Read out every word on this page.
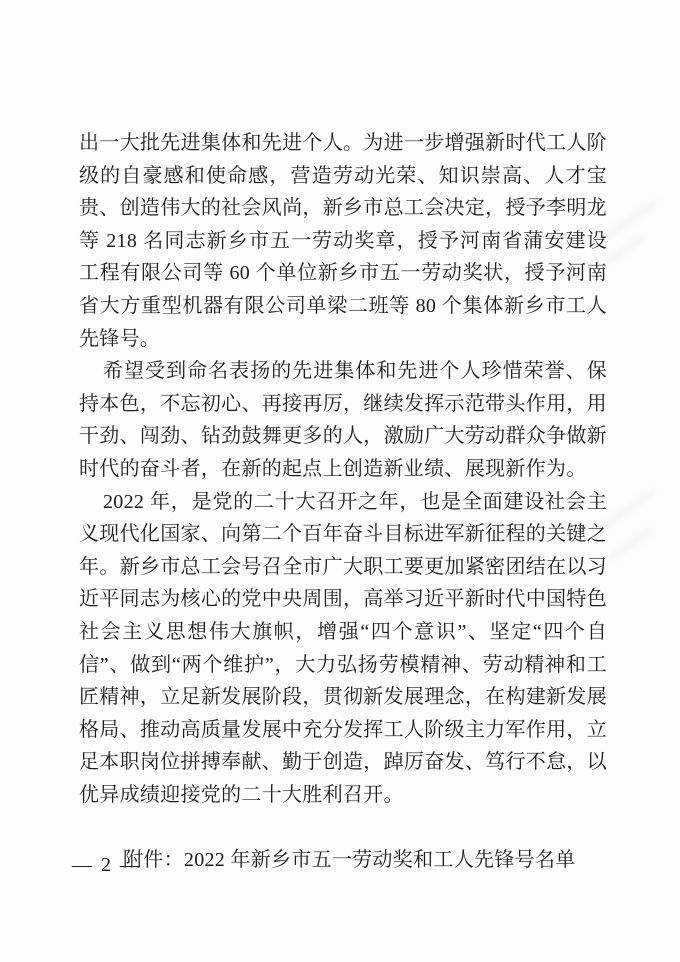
出一大批先进集体和先进个人。为进一步增强新时代工人阶级的自豪感和使命感，营造劳动光荣、知识崇高、人才宝贵、创造伟大的社会风尚，新乡市总工会决定，授予李明龙等 218 名同志新乡市五一劳动奖章，授予河南省蒲安建设工程有限公司等 60 个单位新乡市五一劳动奖状，授予河南省大方重型机器有限公司单梁二班等 80 个集体新乡市工人先锋号。

希望受到命名表扬的先进集体和先进个人珍惜荣誉、保持本色，不忘初心、再接再厉，继续发挥示范带头作用，用干劲、闯劲、钻劲鼓舞更多的人，激励广大劳动群众争做新时代的奋斗者，在新的起点上创造新业绩、展现新作为。

2022 年，是党的二十大召开之年，也是全面建设社会主义现代化国家、向第二个百年奋斗目标进军新征程的关键之年。新乡市总工会号召全市广大职工要更加紧密团结在以习近平同志为核心的党中央周围，高举习近平新时代中国特色社会主义思想伟大旗帜，增强“四个意识”、坚定“四个自信”、做到“两个维护”，大力弘扬劳模精神、劳动精神和工匠精神，立足新发展阶段，贯彻新发展理念，在构建新发展格局、推动高质量发展中充分发挥工人阶级主力军作用，立足本职岗位拼搏奉献、勤于创造，踔厉奋发、笃行不怠，以优异成绩迎接党的二十大胜利召开。

附件：2022 年新乡市五一劳动奖和工人先锋号名单

— 2 —
